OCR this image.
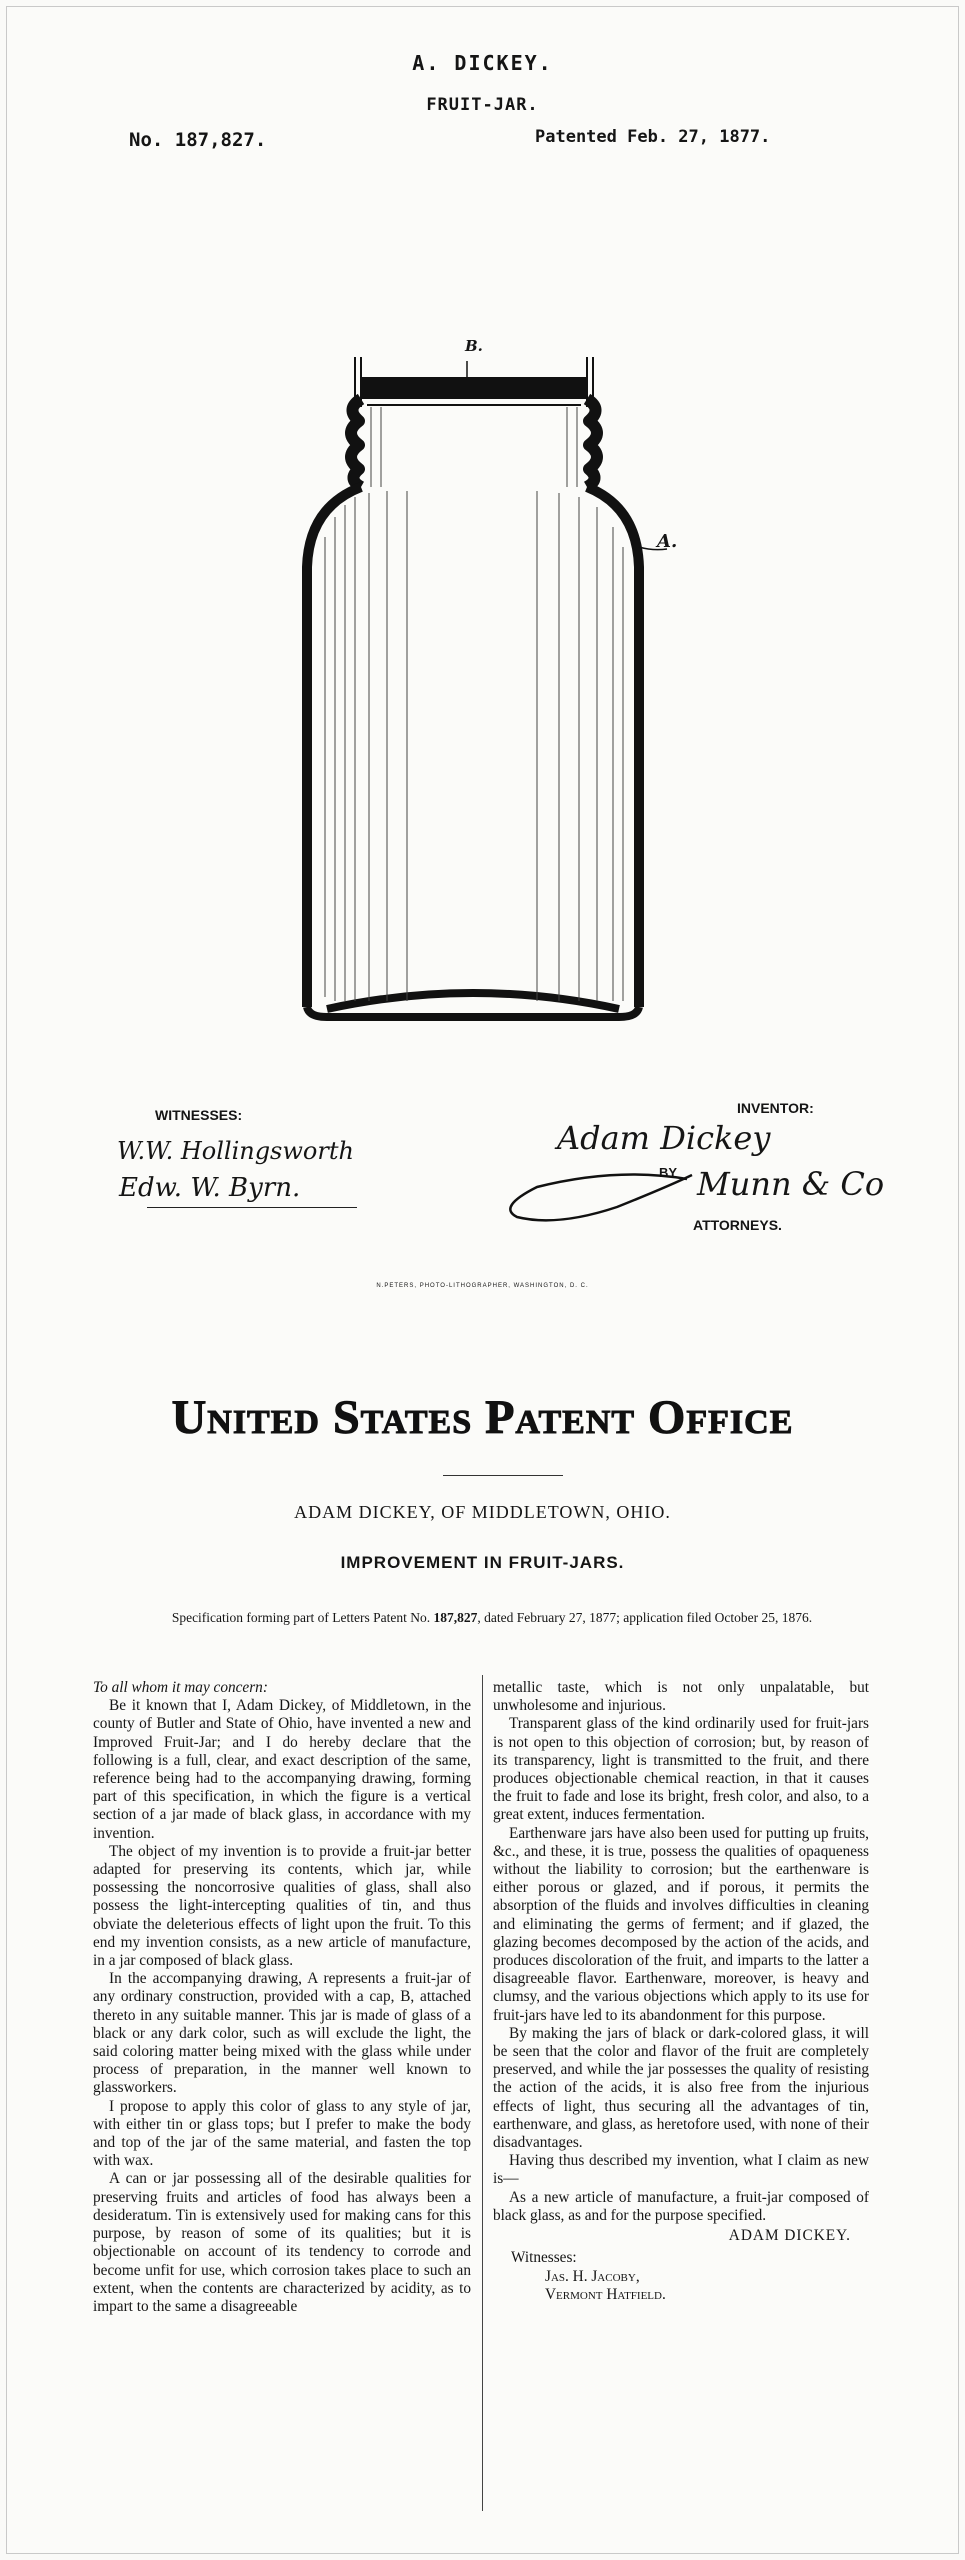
A. DICKEY.
FRUIT-JAR.
No. 187,827.	Patented Feb. 27, 1877.
B.
A.
WITNESSES:
W.W. Hollingsworth
Edw. W. Byrn.
INVENTOR:
Adam Dickey
BY Munn & Co
ATTORNEYS.
N.PETERS, PHOTO-LITHOGRAPHER, WASHINGTON, D. C.
United States Patent Office
ADAM DICKEY, OF MIDDLETOWN, OHIO.
IMPROVEMENT IN FRUIT-JARS.
Specification forming part of Letters Patent No. 187,827, dated February 27, 1877; application filed October 25, 1876.

To all whom it may concern:

Be it known that I, Adam Dickey, of Middletown, in the county of Butler and State of Ohio, have invented a new and Improved Fruit-Jar; and I do hereby declare that the following is a full, clear, and exact description of the same, reference being had to the accompanying drawing, forming part of this specification, in which the figure is a vertical section of a jar made of black glass, in accordance with my invention.

The object of my invention is to provide a fruit-jar better adapted for preserving its contents, which jar, while possessing the noncorrosive qualities of glass, shall also possess the light-intercepting qualities of tin, and thus obviate the deleterious effects of light upon the fruit. To this end my invention consists, as a new article of manufacture, in a jar composed of black glass.

In the accompanying drawing, A represents a fruit-jar of any ordinary construction, provided with a cap, B, attached thereto in any suitable manner. This jar is made of glass of a black or any dark color, such as will exclude the light, the said coloring matter being mixed with the glass while under process of preparation, in the manner well known to glassworkers.

I propose to apply this color of glass to any style of jar, with either tin or glass tops; but I prefer to make the body and top of the jar of the same material, and fasten the top with wax.

A can or jar possessing all of the desirable qualities for preserving fruits and articles of food has always been a desideratum. Tin is extensively used for making cans for this purpose, by reason of some of its qualities; but it is objectionable on account of its tendency to corrode and become unfit for use, which corrosion takes place to such an extent, when the contents are characterized by acidity, as to impart to the same a disagreeable

metallic taste, which is not only unpalatable, but unwholesome and injurious.

Transparent glass of the kind ordinarily used for fruit-jars is not open to this objection of corrosion; but, by reason of its transparency, light is transmitted to the fruit, and there produces objectionable chemical reaction, in that it causes the fruit to fade and lose its bright, fresh color, and also, to a great extent, induces fermentation.

Earthenware jars have also been used for putting up fruits, &c., and these, it is true, possess the qualities of opaqueness without the liability to corrosion; but the earthenware is either porous or glazed, and if porous, it permits the absorption of the fluids and involves difficulties in cleaning and eliminating the germs of ferment; and if glazed, the glazing becomes decomposed by the action of the acids, and produces discoloration of the fruit, and imparts to the latter a disagreeable flavor. Earthenware, moreover, is heavy and clumsy, and the various objections which apply to its use for fruit-jars have led to its abandonment for this purpose.

By making the jars of black or dark-colored glass, it will be seen that the color and flavor of the fruit are completely preserved, and while the jar possesses the quality of resisting the action of the acids, it is also free from the injurious effects of light, thus securing all the advantages of tin, earthenware, and glass, as heretofore used, with none of their disadvantages.

Having thus described my invention, what I claim as new is—

As a new article of manufacture, a fruit-jar composed of black glass, as and for the purpose specified.

ADAM DICKEY.
Witnesses:
Jas. H. Jacoby,
Vermont Hatfield.
